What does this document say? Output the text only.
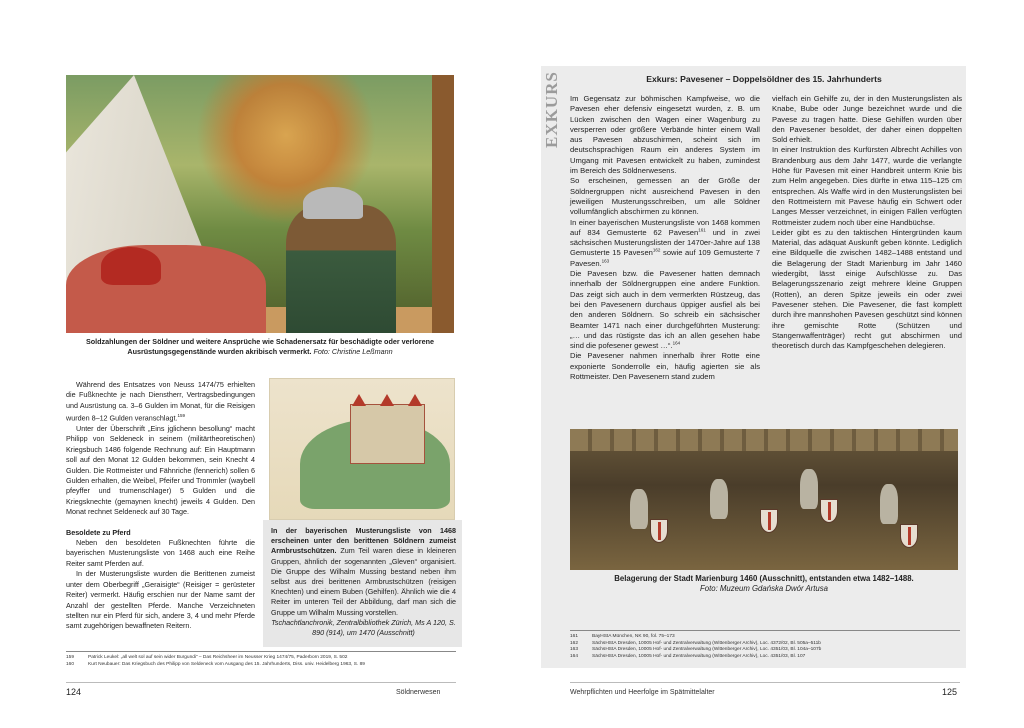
Soldzahlungen der Söldner und weitere Ansprüche wie Schadenersatz für beschädigte oder verlorene Ausrüstungsgegenstände wurden akribisch vermerkt. Foto: Christine Leßmann

Während des Entsatzes von Neuss 1474/75 erhielten die Fußknechte je nach Dienstherr, Vertragsbedingungen und Ausrüstung ca. 3–6 Gulden im Monat, für die Reisigen wurden 8–12 Gulden veranschlagt.$^{159}$

Unter der Überschrift „Eins jglichenn besollung“ macht Philipp von Seldeneck in seinem (militärtheoretischen) Kriegsbuch 1486 folgende Rechnung auf: Ein Hauptmann soll auf den Monat 12 Gulden bekommen, sein Knecht 4 Gulden. Die Rottmeister und Fähnriche (fennerich) sollen 6 Gulden erhalten, die Weibel, Pfeifer und Trommler (waybell pfeyffer und trumenschlager) 5 Gulden und die Kriegsknechte (gemaynen knecht) jeweils 4 Gulden. Den Monat rechnet Seldeneck auf 30 Tage.

Besoldete zu Pferd

Neben den besoldeten Fußknechten führte die bayerischen Musterungsliste von 1468 auch eine Reihe Reiter samt Pferden auf.

In der Musterungsliste wurden die Berittenen zumeist unter dem Oberbegriff „Geraisigte“ (Reisiger = gerüsteter Reiter) vermerkt. Häufig erschien nur der Name samt der Anzahl der gestellten Pferde. Manche Verzeichneten stellten nur ein Pferd für sich, andere 3, 4 und mehr Pferde samt zugehörigen bewaffneten Reitern.

In der bayerischen Musterungsliste von 1468 erscheinen unter den berittenen Söldnern zumeist Armbrustschützen. Zum Teil waren diese in kleineren Gruppen, ähnlich der sogenannten „Gleven“ organisiert. Die Gruppe des Wilhalm Mussing bestand neben ihm selbst aus drei berittenen Armbrustschützen (reisigen Knechten) und einem Buben (Gehilfen). Ähnlich wie die 4 Reiter im unteren Teil der Abbildung, darf man sich die Gruppe um Wilhalm Mussing vorstellen.
Tschachtlanchronik, Zentralbibliothek Zürich, Ms A 120, S. 890 (914), um 1470 (Ausschnitt)
159	Patrick Leukel: „all welt sol auf sein wider Burgundi“ – Das Reichsheer im Neusser Krieg 1474/75, Paderborn 2019, S. 502
160	Kurt Neubauer: Das Kriegsbuch des Philipp von Seldeneck vom Ausgang des 15. Jahrhunderts, Diss. univ. Heidelberg 1963, S. 89
124	Söldnerwesen
EXKURS	Exkurs: Pavesener – Doppelsöldner des 15. Jahrhunderts
Im Gegensatz zur böhmischen Kampfweise, wo die Pavesen eher defensiv eingesetzt wurden, z. B. um Lücken zwischen den Wagen einer Wagenburg zu versperren oder größere Verbände hinter einem Wall aus Pavesen abzuschirmen, scheint sich im deutschsprachigen Raum ein anderes System im Umgang mit Pavesen entwickelt zu haben, zumindest im Bereich des Söldnerwesens.
So erscheinen, gemessen an der Größe der Söldnergruppen nicht ausreichend Pavesen in den jeweiligen Musterungsschreiben, um alle Söldner vollumfänglich abschirmen zu können.
In einer bayerischen Musterungsliste von 1468 kommen auf 834 Gemusterte 62 Pavesen$^{161}$ und in zwei sächsischen Musterungslisten der 1470er-Jahre auf 138 Gemusterte 15 Pavesen$^{162}$ sowie auf 109 Gemusterte 7 Pavesen.$^{163}$
Die Pavesen bzw. die Pavesener hatten demnach innerhalb der Söldnergruppen eine andere Funktion. Das zeigt sich auch in dem vermerkten Rüstzeug, das bei den Pavesenern durchaus üppiger ausfiel als bei den anderen Söldnern. So schreib ein sächsischer Beamter 1471 nach einer durchgeführten Musterung: „… und das rüstigste das ich an allen gesehen habe sind die pofesener gewest …“.$^{164}$
Die Pavesener nahmen innerhalb ihrer Rotte eine exponierte Sonderrolle ein, häufig agierten sie als Rottmeister. Den Pavesenern stand zudem
vielfach ein Gehilfe zu, der in den Musterungslisten als Knabe, Bube oder Junge bezeichnet wurde und die Pavese zu tragen hatte. Diese Gehilfen wurden über den Pavesener besoldet, der daher einen doppelten Sold erhielt.
In einer Instruktion des Kurfürsten Albrecht Achilles von Brandenburg aus dem Jahr 1477, wurde die verlangte Höhe für Pavesen mit einer Handbreit unterm Knie bis zum Helm angegeben. Dies dürfte in etwa 115–125 cm entsprechen. Als Waffe wird in den Musterungslisten bei den Rottmeistern mit Pavese häufig ein Schwert oder Langes Messer verzeichnet, in einigen Fällen verfügten Rottmeister zudem noch über eine Handbüchse.
Leider gibt es zu den taktischen Hintergründen kaum Material, das adäquat Auskunft geben könnte. Lediglich eine Bildquelle die zwischen 1482–1488 entstand und die Belagerung der Stadt Marienburg im Jahr 1460 wiedergibt, lässt einige Aufschlüsse zu. Das Belagerungsszenario zeigt mehrere kleine Gruppen (Rotten), an deren Spitze jeweils ein oder zwei Pavesener stehen. Die Pavesener, die fast komplett durch ihre mannshohen Pavesen geschützt sind können ihre gemischte Rotte (Schützen und Stangenwaffenträger) recht gut abschirmen und theoretisch durch das Kampfgeschehen delegieren.
Belagerung der Stadt Marienburg 1460 (Ausschnitt), entstanden etwa 1482–1488.
Foto: Muzeum Gdańska Dwór Artusa
161	BayHStA München, NK 90, fol. 75–173
162	SächsHStA Dresden, 10005 Hof- und Zentralverwaltung (Wittenberger Archiv), Loc. 4372/02, Bl. 505a–511b
163	SächsHStA Dresden, 10005 Hof- und Zentralverwaltung (Wittenberger Archiv), Loc. 4351/03, Bl. 104a–107b
164	SächsHStA Dresden, 10005 Hof- und Zentralverwaltung (Wittenberger Archiv), Loc. 4351/03, Bl. 107
Wehrpflichten und Heerfolge im Spätmittelalter	125
